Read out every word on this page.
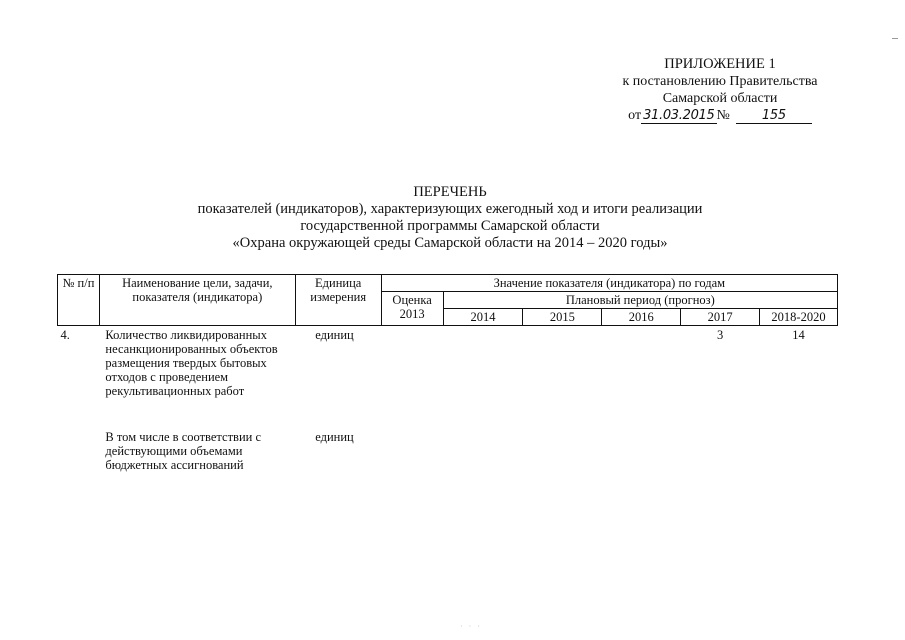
ПРИЛОЖЕНИЕ 1
к постановлению Правительства
Самарской области
от 31.03.2015 №	155
ПЕРЕЧЕНЬ
показателей (индикаторов), характеризующих ежегодный ход и итоги реализации
государственной программы Самарской области
«Охрана окружающей среды Самарской области на 2014 – 2020 годы»
№ п/п	Наименование цели, задачи, показателя (индикатора)	Единица измерения	Значение показателя (индикатора) по годам					
			Оценка 2013	Плановый период (прогноз)				
				2014	2015	2016	2017	2018-2020
4.	Количество ликвидированных несанкционированных объектов размещения твердых бытовых отходов с проведением рекультивационных работ	единиц					3	14

	В том числе в соответствии с действующими объемами бюджетных ассигнований	единиц						
· · ·
